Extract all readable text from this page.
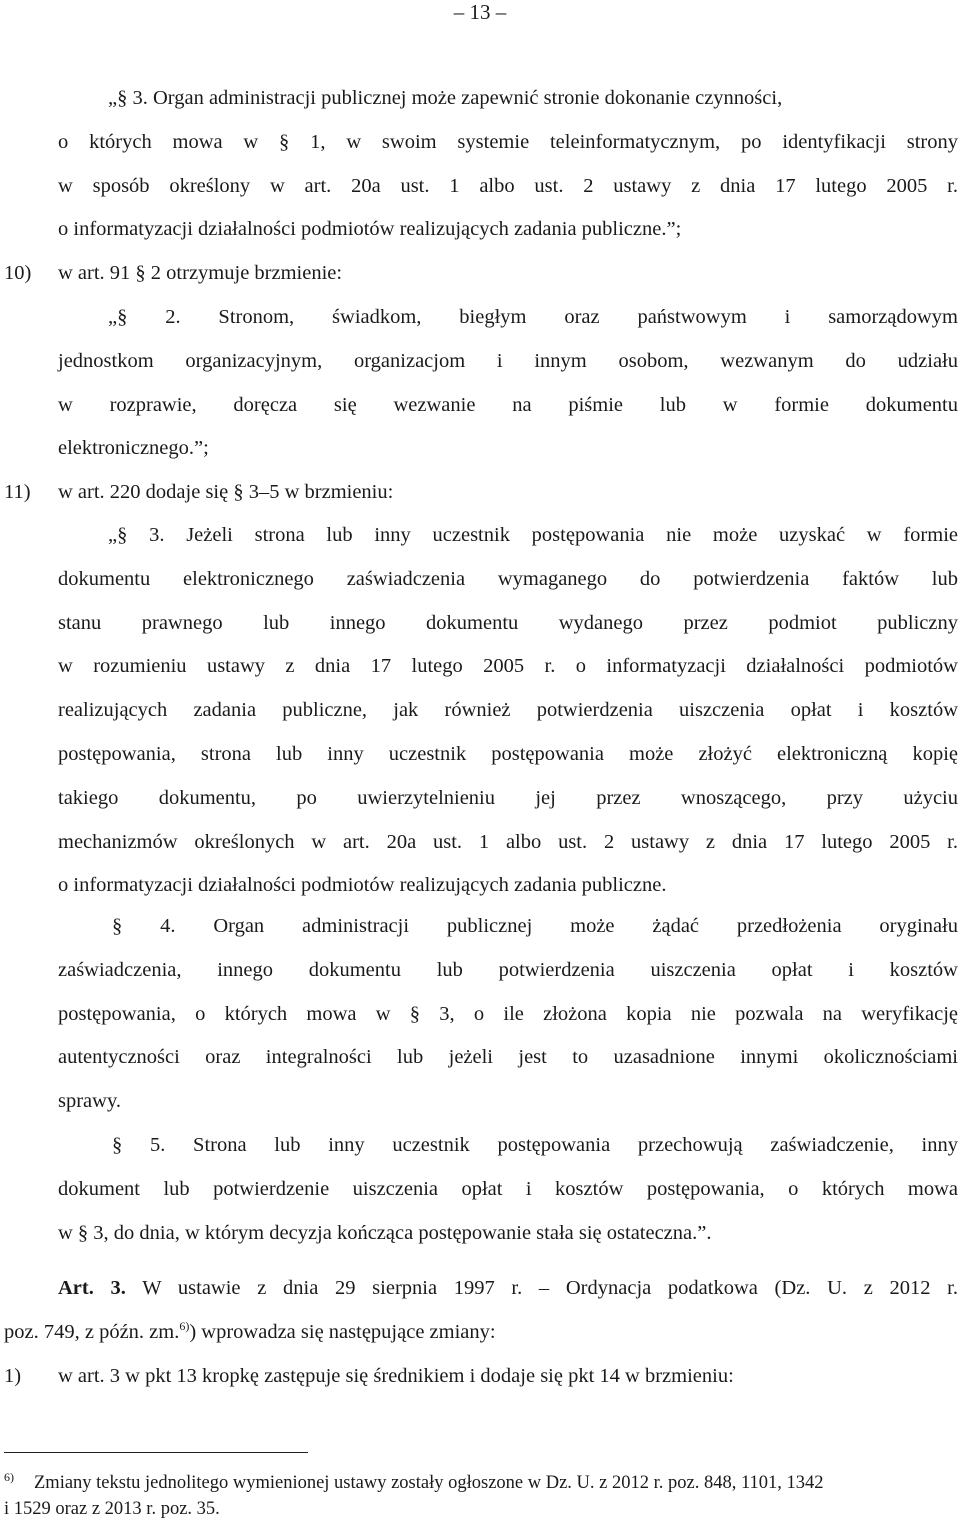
– 13 –
„§ 3. Organ administracji publicznej może zapewnić stronie dokonanie czynności,
o których mowa w § 1, w swoim systemie teleinformatycznym, po identyfikacji strony
w sposób określony w art. 20a ust. 1 albo ust. 2 ustawy z dnia 17 lutego 2005 r.
o informatyzacji działalności podmiotów realizujących zadania publiczne.”;
10) w art. 91 § 2 otrzymuje brzmienie:
„§ 2. Stronom, świadkom, biegłym oraz państwowym i samorządowym
jednostkom organizacyjnym, organizacjom i innym osobom, wezwanym do udziału
w rozprawie, doręcza się wezwanie na piśmie lub w formie dokumentu
elektronicznego.”;
11) w art. 220 dodaje się § 3–5 w brzmieniu:
„§ 3. Jeżeli strona lub inny uczestnik postępowania nie może uzyskać w formie
dokumentu elektronicznego zaświadczenia wymaganego do potwierdzenia faktów lub
stanu prawnego lub innego dokumentu wydanego przez podmiot publiczny
w rozumieniu ustawy z dnia 17 lutego 2005 r. o informatyzacji działalności podmiotów
realizujących zadania publiczne, jak również potwierdzenia uiszczenia opłat i kosztów
postępowania, strona lub inny uczestnik postępowania może złożyć elektroniczną kopię
takiego dokumentu, po uwierzytelnieniu jej przez wnoszącego, przy użyciu
mechanizmów określonych w art. 20a ust. 1 albo ust. 2 ustawy z dnia 17 lutego 2005 r.
o informatyzacji działalności podmiotów realizujących zadania publiczne.
§ 4. Organ administracji publicznej może żądać przedłożenia oryginału
zaświadczenia, innego dokumentu lub potwierdzenia uiszczenia opłat i kosztów
postępowania, o których mowa w § 3, o ile złożona kopia nie pozwala na weryfikację
autentyczności oraz integralności lub jeżeli jest to uzasadnione innymi okolicznościami
sprawy.
§ 5. Strona lub inny uczestnik postępowania przechowują zaświadczenie, inny
dokument lub potwierdzenie uiszczenia opłat i kosztów postępowania, o których mowa
w § 3, do dnia, w którym decyzja kończąca postępowanie stała się ostateczna.”.
Art. 3. W ustawie z dnia 29 sierpnia 1997 r. – Ordynacja podatkowa (Dz. U. z 2012 r.
poz. 749, z późn. zm.$^{6)}$) wprowadza się następujące zmiany:
1) w art. 3 w pkt 13 kropkę zastępuje się średnikiem i dodaje się pkt 14 w brzmieniu:
6) Zmiany tekstu jednolitego wymienionej ustawy zostały ogłoszone w Dz. U. z 2012 r. poz. 848, 1101, 1342
i 1529 oraz z 2013 r. poz. 35.
